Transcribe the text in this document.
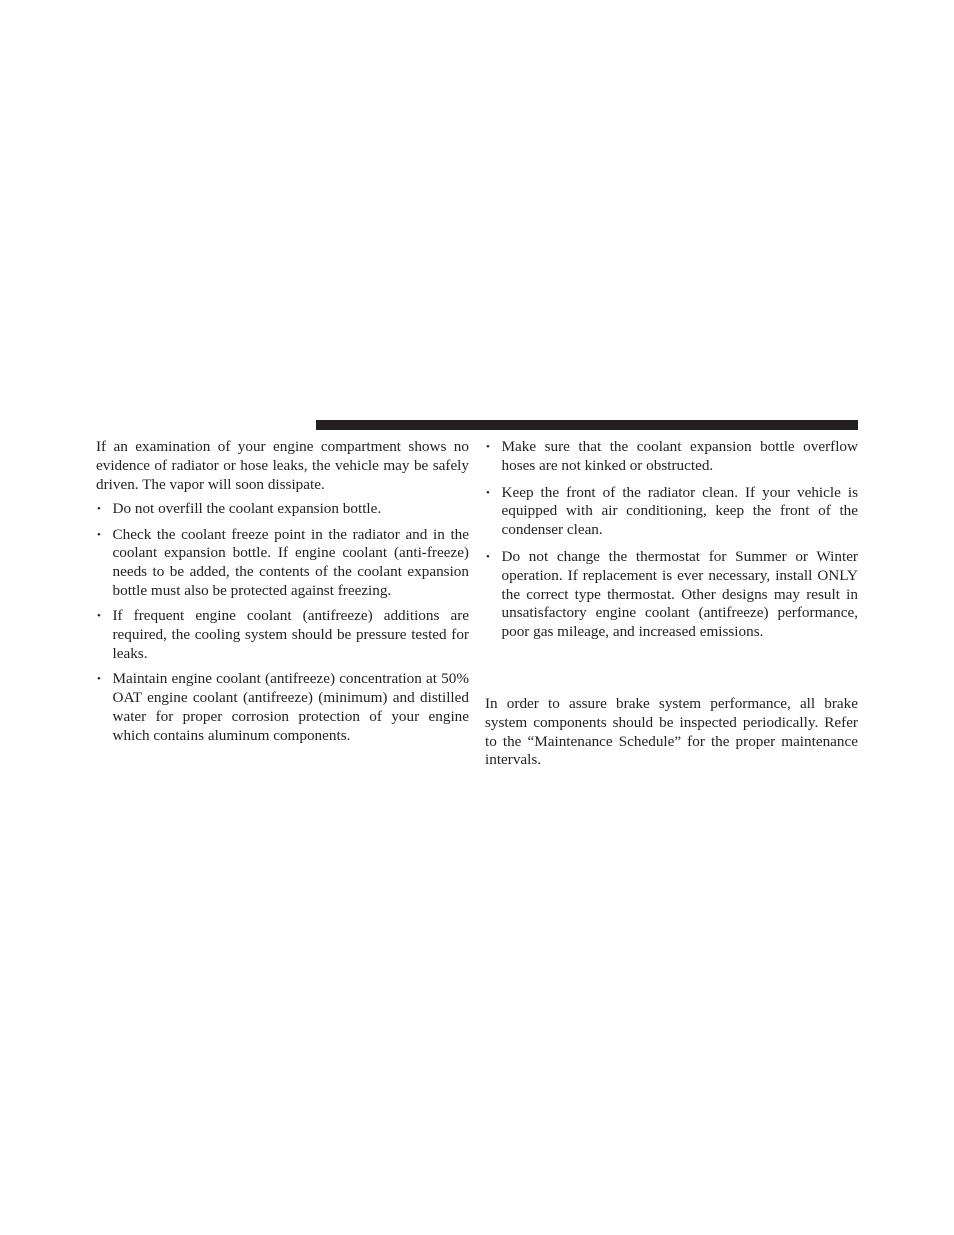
If an examination of your engine compartment shows no evidence of radiator or hose leaks, the vehicle may be safely driven. The vapor will soon dissipate.

• Do not overfill the coolant expansion bottle.
• Check the coolant freeze point in the radiator and in the coolant expansion bottle. If engine coolant (anti-freeze) needs to be added, the contents of the coolant expansion bottle must also be protected against freezing.
• If frequent engine coolant (antifreeze) additions are required, the cooling system should be pressure tested for leaks.
• Maintain engine coolant (antifreeze) concentration at 50% OAT engine coolant (antifreeze) (minimum) and distilled water for proper corrosion protection of your engine which contains aluminum components.
• Make sure that the coolant expansion bottle overflow hoses are not kinked or obstructed.
• Keep the front of the radiator clean. If your vehicle is equipped with air conditioning, keep the front of the condenser clean.
• Do not change the thermostat for Summer or Winter operation. If replacement is ever necessary, install ONLY the correct type thermostat. Other designs may result in unsatisfactory engine coolant (antifreeze) performance, poor gas mileage, and increased emissions.

In order to assure brake system performance, all brake system components should be inspected periodically. Refer to the “Maintenance Schedule” for the proper maintenance intervals.
